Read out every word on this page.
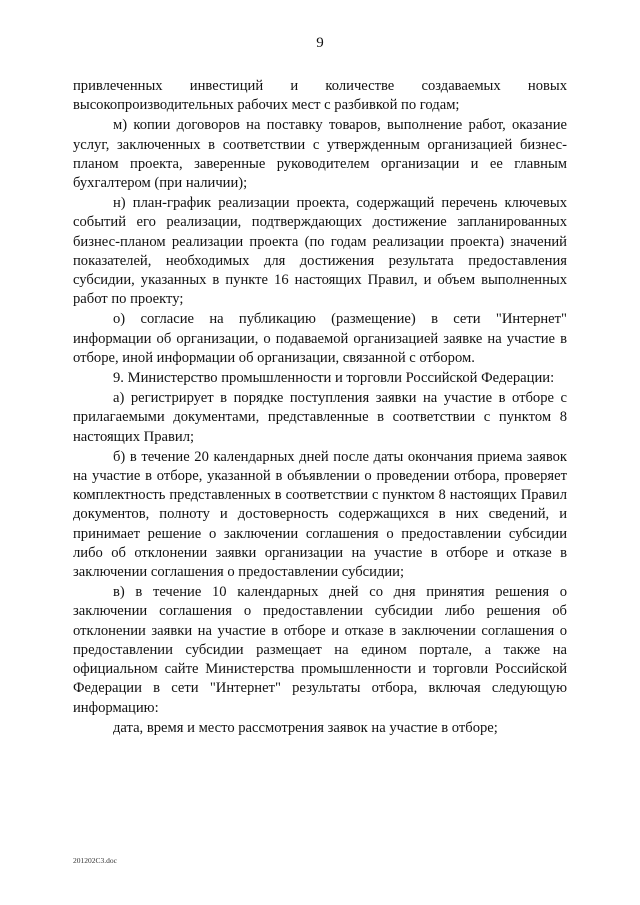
9

привлеченных инвестиций и количестве создаваемых новых высокопроизводительных рабочих мест с разбивкой по годам;

м) копии договоров на поставку товаров, выполнение работ, оказание услуг, заключенных в соответствии с утвержденным организацией бизнес-планом проекта, заверенные руководителем организации и ее главным бухгалтером (при наличии);

н) план-график реализации проекта, содержащий перечень ключевых событий его реализации, подтверждающих достижение запланированных бизнес-планом реализации проекта (по годам реализации проекта) значений показателей, необходимых для достижения результата предоставления субсидии, указанных в пункте 16 настоящих Правил, и объем выполненных работ по проекту;

о) согласие на публикацию (размещение) в сети "Интернет" информации об организации, о подаваемой организацией заявке на участие в отборе, иной информации об организации, связанной с отбором.

9. Министерство промышленности и торговли Российской Федерации:

а) регистрирует в порядке поступления заявки на участие в отборе с прилагаемыми документами, представленные в соответствии с пунктом 8 настоящих Правил;

б) в течение 20 календарных дней после даты окончания приема заявок на участие в отборе, указанной в объявлении о проведении отбора, проверяет комплектность представленных в соответствии с пунктом 8 настоящих Правил документов, полноту и достоверность содержащихся в них сведений, и принимает решение о заключении соглашения о предоставлении субсидии либо об отклонении заявки организации на участие в отборе и отказе в заключении соглашения о предоставлении субсидии;

в) в течение 10 календарных дней со дня принятия решения о заключении соглашения о предоставлении субсидии либо решения об отклонении заявки на участие в отборе и отказе в заключении соглашения о предоставлении субсидии размещает на едином портале, а также на официальном сайте Министерства промышленности и торговли Российской Федерации в сети "Интернет" результаты отбора, включая следующую информацию:

дата, время и место рассмотрения заявок на участие в отборе;

201202С3.doc
